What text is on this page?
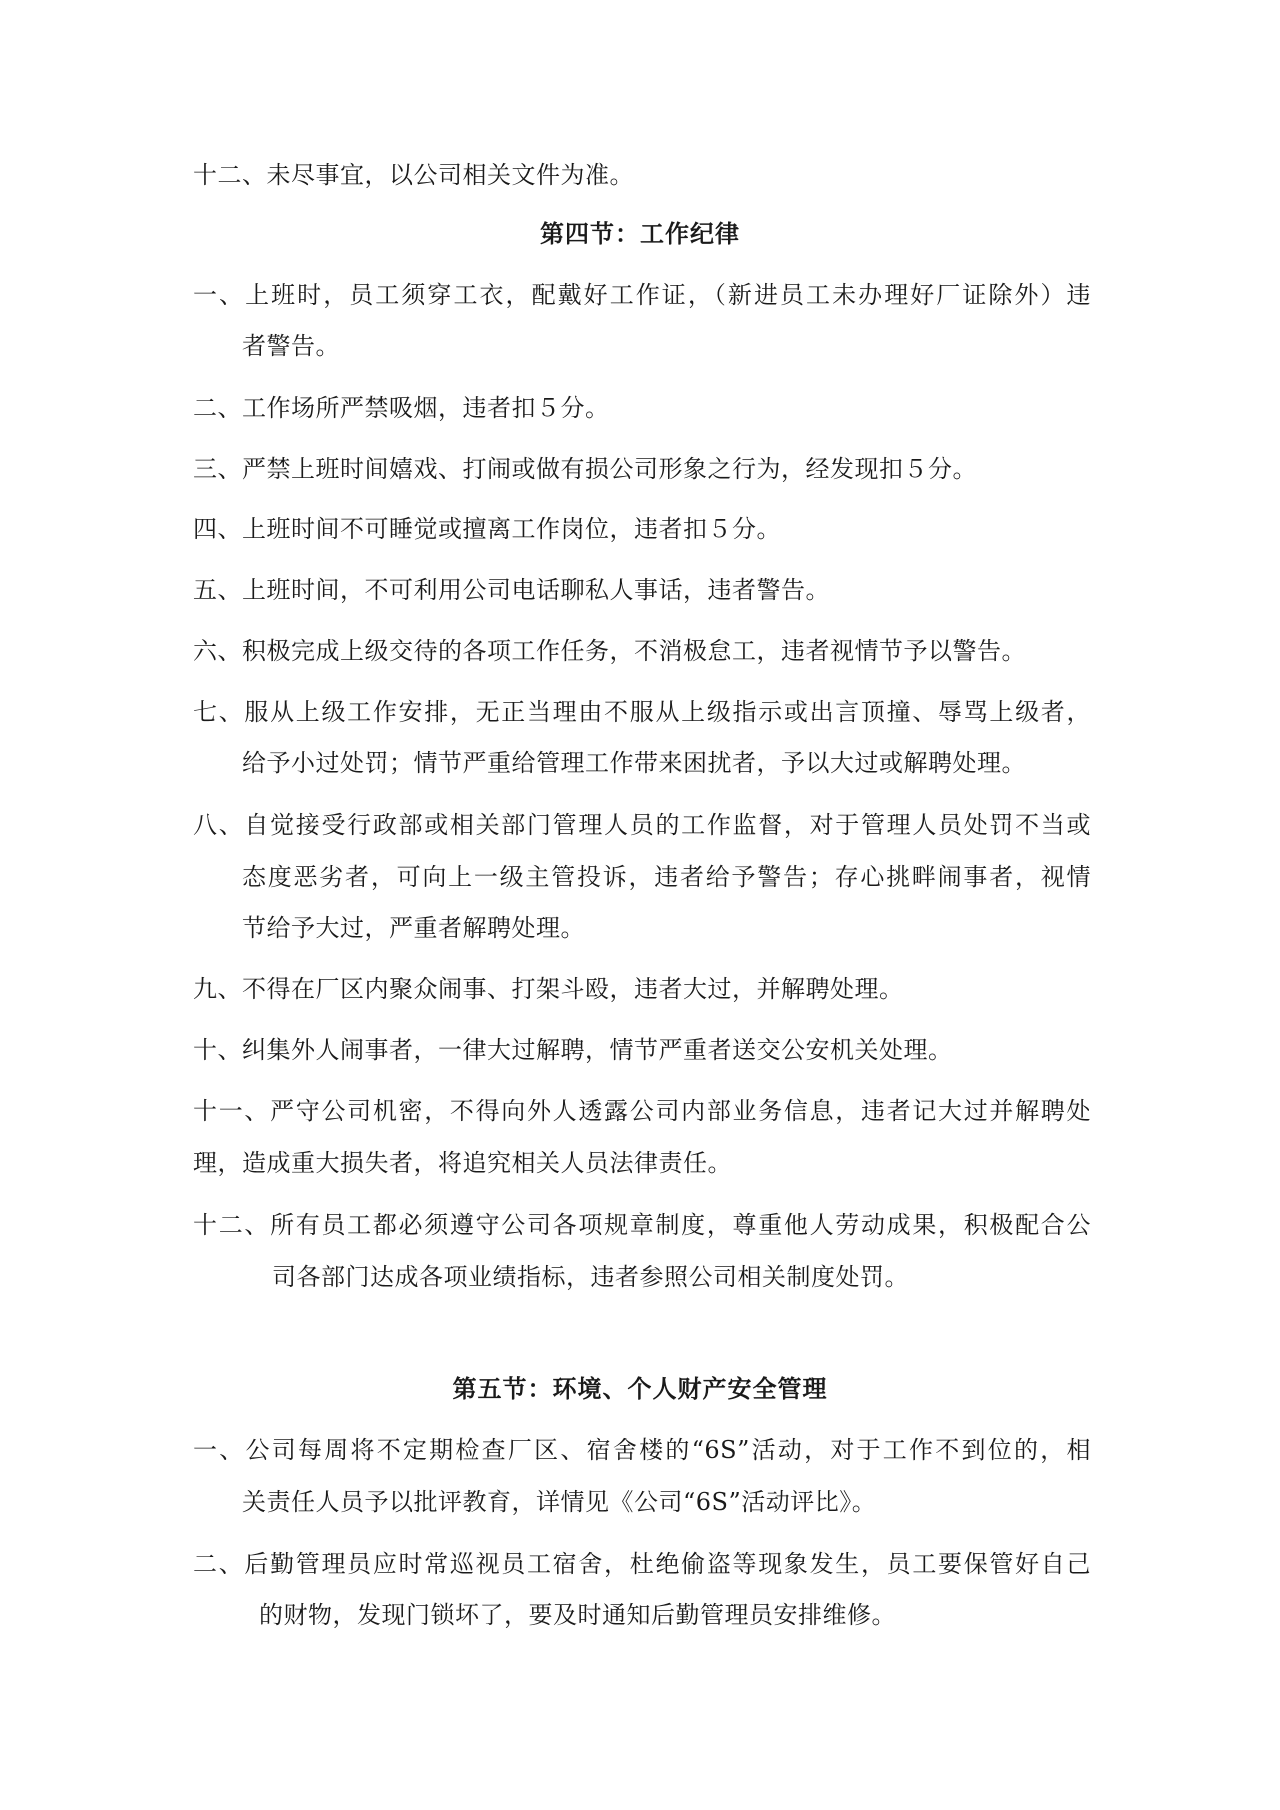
十二、未尽事宜，以公司相关文件为准。
第四节：工作纪律
一、上班时，员工须穿工衣，配戴好工作证，（新进员工未办理好厂证除外）违
者警告。
二、工作场所严禁吸烟，违者扣５分。
三、严禁上班时间嬉戏、打闹或做有损公司形象之行为，经发现扣５分。
四、上班时间不可睡觉或擅离工作岗位，违者扣５分。
五、上班时间，不可利用公司电话聊私人事话，违者警告。
六、积极完成上级交待的各项工作任务，不消极怠工，违者视情节予以警告。
七、服从上级工作安排，无正当理由不服从上级指示或出言顶撞、辱骂上级者，
给予小过处罚；情节严重给管理工作带来困扰者，予以大过或解聘处理。
八、自觉接受行政部或相关部门管理人员的工作监督，对于管理人员处罚不当或
态度恶劣者，可向上一级主管投诉，违者给予警告；存心挑畔闹事者，视情
节给予大过，严重者解聘处理。
九、不得在厂区内聚众闹事、打架斗殴，违者大过，并解聘处理。
十、纠集外人闹事者，一律大过解聘，情节严重者送交公安机关处理。
十一、严守公司机密，不得向外人透露公司内部业务信息，违者记大过并解聘处
理，造成重大损失者，将追究相关人员法律责任。
十二、所有员工都必须遵守公司各项规章制度，尊重他人劳动成果，积极配合公
司各部门达成各项业绩指标，违者参照公司相关制度处罚。
第五节：环境、个人财产安全管理
一、公司每周将不定期检查厂区、宿舍楼的“6S”活动，对于工作不到位的，相
关责任人员予以批评教育，详情见《公司“6S”活动评比》。
二、后勤管理员应时常巡视员工宿舍，杜绝偷盗等现象发生，员工要保管好自己
的财物，发现门锁坏了，要及时通知后勤管理员安排维修。
